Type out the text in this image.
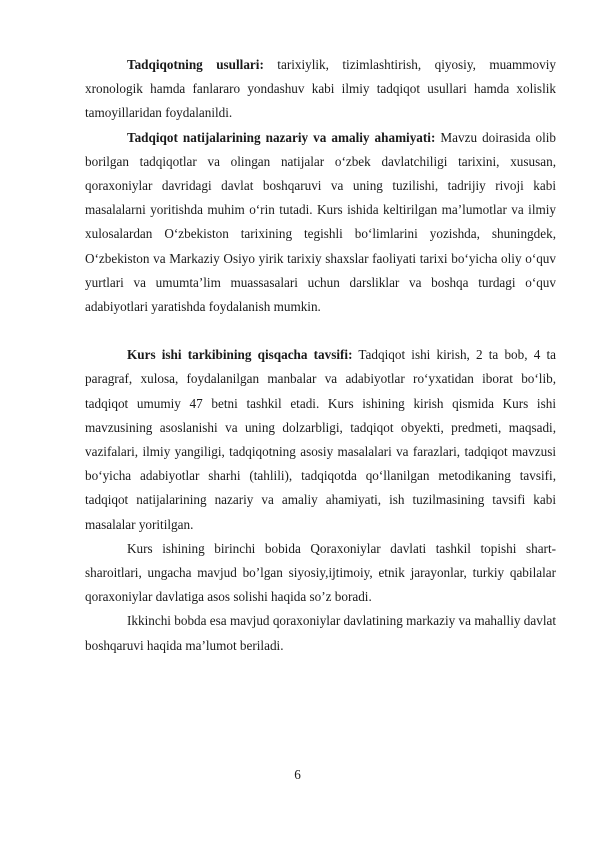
Tadqiqotning usullari: tarixiylik, tizimlashtirish, qiyosiy, muammoviy xronologik hamda fanlararo yondashuv kabi ilmiy tadqiqot usullari hamda xolislik tamoyillaridan foydalanildi.

Tadqiqot natijalarining nazariy va amaliy ahamiyati: Mavzu doirasida olib borilgan tadqiqotlar va olingan natijalar o‘zbek davlatchiligi tarixini, xususan, qoraxoniylar davridagi davlat boshqaruvi va uning tuzilishi, tadrijiy rivoji kabi masalalarni yoritishda muhim o‘rin tutadi. Kurs ishida keltirilgan ma’lumotlar va ilmiy xulosalardan O‘zbekiston tarixining tegishli bo‘limlarini yozishda, shuningdek, O‘zbekiston va Markaziy Osiyo yirik tarixiy shaxslar faoliyati tarixi bo‘yicha oliy o‘quv yurtlari va umumta’lim muassasalari uchun darsliklar va boshqa turdagi o‘quv adabiyotlari yaratishda foydalanish mumkin.

Kurs ishi tarkibining qisqacha tavsifi: Tadqiqot ishi kirish, 2 ta bob, 4 ta paragraf, xulosa, foydalanilgan manbalar va adabiyotlar ro‘yxatidan iborat bo‘lib, tadqiqot umumiy 47 betni tashkil etadi. Kurs ishining kirish qismida Kurs ishi mavzusining asoslanishi va uning dolzarbligi, tadqiqot obyekti, predmeti, maqsadi, vazifalari, ilmiy yangiligi, tadqiqotning asosiy masalalari va farazlari, tadqiqot mavzusi bo‘yicha adabiyotlar sharhi (tahlili), tadqiqotda qo‘llanilgan metodikaning tavsifi, tadqiqot natijalarining nazariy va amaliy ahamiyati, ish tuzilmasining tavsifi kabi masalalar yoritilgan.

Kurs ishining birinchi bobida Qoraxoniylar davlati tashkil topishi shart-sharoitlari, ungacha mavjud bo’lgan siyosiy,ijtimoiy, etnik jarayonlar, turkiy qabilalar qoraxoniylar davlatiga asos solishi haqida so’z boradi.

Ikkinchi bobda esa mavjud qoraxoniylar davlatining markaziy va mahalliy davlat boshqaruvi haqida ma’lumot beriladi.

6
